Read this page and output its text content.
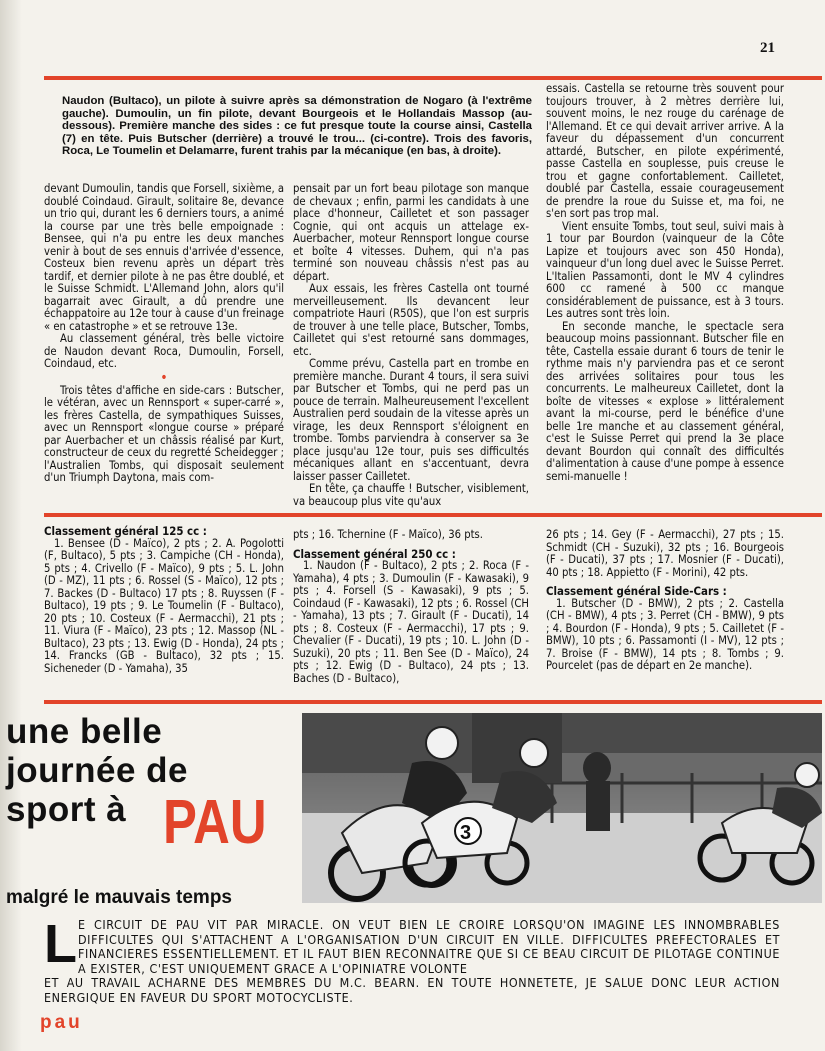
21
Naudon (Bultaco), un pilote à suivre après sa démonstration de Nogaro (à l'extrême gauche). Dumoulin, un fin pilote, devant Bourgeois et le Hollandais Massop (au-dessous). Première manche des sides : ce fut presque toute la course ainsi, Castella (7) en tête. Puis Butscher (derrière) a trouvé le trou... (ci-contre). Trois des favoris, Roca, Le Toumelin et Delamarre, furent trahis par la mécanique (en bas, à droite).

devant Dumoulin, tandis que Forsell, sixième, a doublé Coindaud. Girault, solitaire 8e, devance un trio qui, durant les 6 derniers tours, a animé la course par une très belle empoignade : Bensee, qui n'a pu entre les deux manches venir à bout de ses ennuis d'arrivée d'essence, Costeux bien revenu après un départ très tardif, et dernier pilote à ne pas être doublé, et le Suisse Schmidt. L'Allemand John, alors qu'il bagarrait avec Girault, a dû prendre une échappatoire au 12e tour à cause d'un freinage « en catastrophe » et se retrouve 13e.

Au classement général, très belle victoire de Naudon devant Roca, Dumoulin, Forsell, Coindaud, etc.

•

Trois têtes d'affiche en side-cars : Butscher, le vétéran, avec un Rennsport « super-carré », les frères Castella, de sympathiques Suisses, avec un Rennsport «longue course » préparé par Auerbacher et un châssis réalisé par Kurt, constructeur de ceux du regretté Scheidegger ; l'Australien Tombs, qui disposait seulement d'un Triumph Daytona, mais com-

pensait par un fort beau pilotage son manque de chevaux ; enfin, parmi les candidats à une place d'honneur, Cailletet et son passager Cognie, qui ont acquis un attelage ex-Auerbacher, moteur Rennsport longue course et boîte 4 vitesses. Duhem, qui n'a pas terminé son nouveau châssis n'est pas au départ.

Aux essais, les frères Castella ont tourné merveilleusement. Ils devancent leur compatriote Hauri (R50S), que l'on est surpris de trouver à une telle place, Butscher, Tombs, Cailletet qui s'est retourné sans dommages, etc.

Comme prévu, Castella part en trombe en première manche. Durant 4 tours, il sera suivi par Butscher et Tombs, qui ne perd pas un pouce de terrain. Malheureusement l'excellent Australien perd soudain de la vitesse après un virage, les deux Rennsport s'éloignent en trombe. Tombs parviendra à conserver sa 3e place jusqu'au 12e tour, puis ses difficultés mécaniques allant en s'accentuant, devra laisser passer Cailletet.

En tête, ça chauffe ! Butscher, visiblement, va beaucoup plus vite qu'aux

essais. Castella se retourne très souvent pour toujours trouver, à 2 mètres derrière lui, souvent moins, le nez rouge du carénage de l'Allemand. Et ce qui devait arriver arrive. A la faveur du dépassement d'un concurrent attardé, Butscher, en pilote expérimenté, passe Castella en souplesse, puis creuse le trou et gagne confortablement. Cailletet, doublé par Castella, essaie courageusement de prendre la roue du Suisse et, ma foi, ne s'en sort pas trop mal.

Vient ensuite Tombs, tout seul, suivi mais à 1 tour par Bourdon (vainqueur de la Côte Lapize et toujours avec son 450 Honda), vainqueur d'un long duel avec le Suisse Perret. L'Italien Passamonti, dont le MV 4 cylindres 600 cc ramené à 500 cc manque considérablement de puissance, est à 3 tours. Les autres sont très loin.

En seconde manche, le spectacle sera beaucoup moins passionnant. Butscher file en tête, Castella essaie durant 6 tours de tenir le rythme mais n'y parviendra pas et ce seront des arrivées solitaires pour tous les concurrents. Le malheureux Cailletet, dont la boîte de vitesses « explose » littéralement avant la mi-course, perd le bénéfice d'une belle 1re manche et au classement général, c'est le Suisse Perret qui prend la 3e place devant Bourdon qui connaît des difficultés d'alimentation à cause d'une pompe à essence semi-manuelle !

Classement général 125 cc :

1. Bensee (D - Maïco), 2 pts ; 2. A. Pogolotti (F, Bultaco), 5 pts ; 3. Campiche (CH - Honda), 5 pts ; 4. Crivello (F - Maïco), 9 pts ; 5. L. John (D - MZ), 11 pts ; 6. Rossel (S - Maïco), 12 pts ; 7. Backes (D - Bultaco) 17 pts ; 8. Ruyssen (F - Bultaco), 19 pts ; 9. Le Toumelin (F - Bultaco), 20 pts ; 10. Costeux (F - Aermacchi), 21 pts ; 11. Viura (F - Maïco), 23 pts ; 12. Massop (NL - Bultaco), 23 pts ; 13. Ewig (D - Honda), 24 pts ; 14. Francks (GB - Bultaco), 32 pts ; 15. Sicheneder (D - Yamaha), 35

pts ; 16. Tchernine (F - Maïco), 36 pts.

Classement général 250 cc :

1. Naudon (F - Bultaco), 2 pts ; 2. Roca (F - Yamaha), 4 pts ; 3. Dumoulin (F - Kawasaki), 9 pts ; 4. Forsell (S - Kawasaki), 9 pts ; 5. Coindaud (F - Kawasaki), 12 pts ; 6. Rossel (CH - Yamaha), 13 pts ; 7. Girault (F - Ducati), 14 pts ; 8. Costeux (F - Aermacchi), 17 pts ; 9. Chevalier (F - Ducati), 19 pts ; 10. L. John (D - Suzuki), 20 pts ; 11. Ben See (D - Maïco), 24 pts ; 12. Ewig (D - Bultaco), 24 pts ; 13. Baches (D - Bultaco),

26 pts ; 14. Gey (F - Aermacchi), 27 pts ; 15. Schmidt (CH - Suzuki), 32 pts ; 16. Bourgeois (F - Ducati), 37 pts ; 17. Mosnier (F - Ducati), 40 pts ; 18. Appietto (F - Morini), 42 pts.

Classement général Side-Cars :

1. Butscher (D - BMW), 2 pts ; 2. Castella (CH - BMW), 4 pts ; 3. Perret (CH - BMW), 9 pts ; 4. Bourdon (F - Honda), 9 pts ; 5. Cailletet (F - BMW), 10 pts ; 6. Passamonti (I - MV), 12 pts ; 7. Broise (F - BMW), 14 pts ; 8. Tombs ; 9. Pourcelet (pas de départ en 2e manche).

3
une belle
journée de
sport à PAU
malgré le mauvais temps
L E CIRCUIT DE PAU VIT PAR MIRACLE. ON VEUT BIEN LE CROIRE LORSQU'ON IMAGINE LES INNOMBRABLES DIFFICULTES QUI S'ATTACHENT A L'ORGANISATION D'UN CIRCUIT EN VILLE. DIFFICULTES PREFECTORALES ET FINANCIERES ESSENTIELLEMENT. ET IL FAUT BIEN RECONNAITRE QUE SI CE BEAU CIRCUIT DE PILOTAGE CONTINUE A EXISTER, C'EST UNIQUEMENT GRACE A L'OPINIATRE VOLONTE

ET AU TRAVAIL ACHARNE DES MEMBRES DU M.C. BEARN. EN TOUTE HONNETETE, JE SALUE DONC LEUR ACTION ENERGIQUE EN FAVEUR DU SPORT MOTOCYCLISTE.

pau
